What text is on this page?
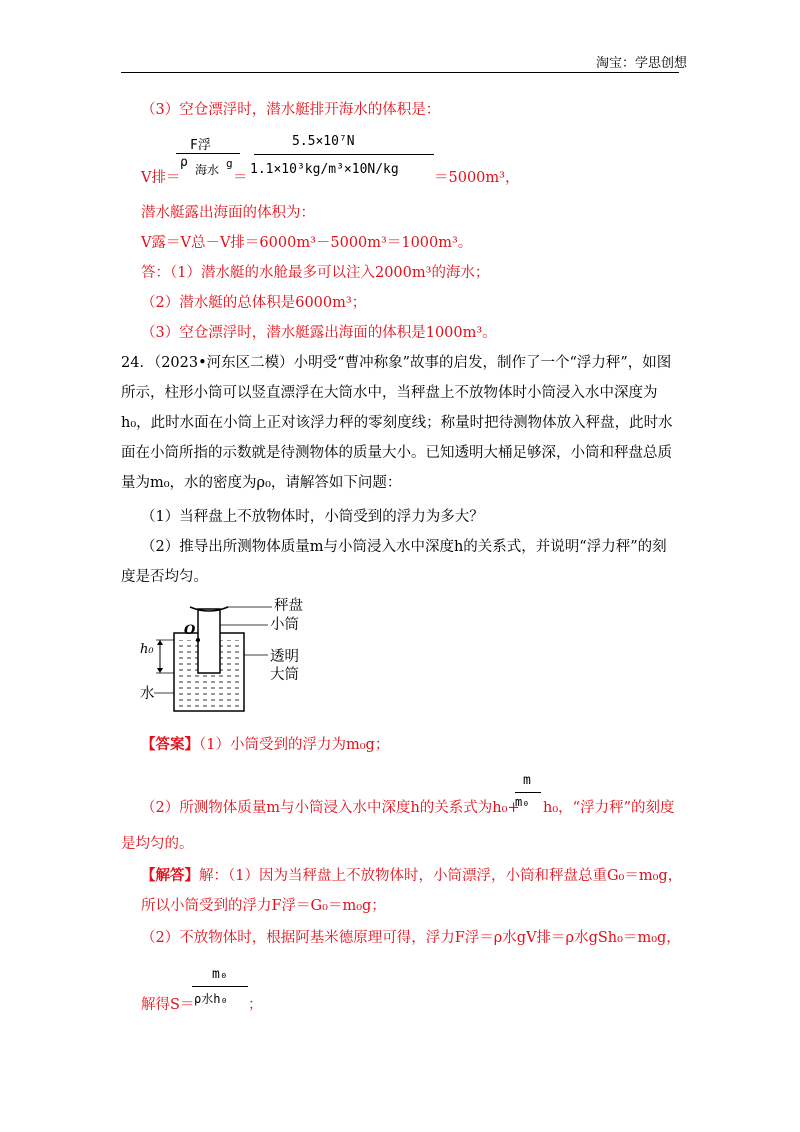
淘宝：学思创想
（3）空仓漂浮时，潜水艇排开海水的体积是：
V排＝
F浮
ρ 海水 g
＝
5.5×10⁷N
1.1×10³kg/m³×10N/kg
＝5000m³，
潜水艇露出海面的体积为：
V露＝V总－V排＝6000m³－5000m³＝1000m³。
答：（1）潜水艇的水舱最多可以注入2000m³的海水；
（2）潜水艇的总体积是6000m³；
（3）空仓漂浮时，潜水艇露出海面的体积是1000m³。
24．（2023•河东区二模）小明受“曹冲称象”故事的启发，制作了一个“浮力秤”，如图
所示，柱形小筒可以竖直漂浮在大筒水中，当秤盘上不放物体时小筒浸入水中深度为
h₀，此时水面在小筒上正对该浮力秤的零刻度线；称量时把待测物体放入秤盘，此时水
面在小筒所指的示数就是待测物体的质量大小。已知透明大桶足够深，小筒和秤盘总质
量为m₀，水的密度为ρ₀，请解答如下问题：
（1）当秤盘上不放物体时，小筒受到的浮力为多大？
（2）推导出所测物体质量m与小筒浸入水中深度h的关系式，并说明“浮力秤”的刻
度是否均匀。
秤盘
小筒
透明
大筒
水
O
h₀
【答案】（1）小筒受到的浮力为m₀g；
（2）所测物体质量m与小筒浸入水中深度h的关系式为h₀+
m
m₀ h₀，“浮力秤”的刻度
是均匀的。
【解答】解：（1）因为当秤盘上不放物体时，小筒漂浮，小筒和秤盘总重G₀＝m₀g，
所以小筒受到的浮力F浮＝G₀＝m₀g；
（2）不放物体时，根据阿基米德原理可得，浮力F浮＝ρ水gV排＝ρ水gSh₀＝m₀g，
解得S＝
m₀
ρ水h₀ ；
